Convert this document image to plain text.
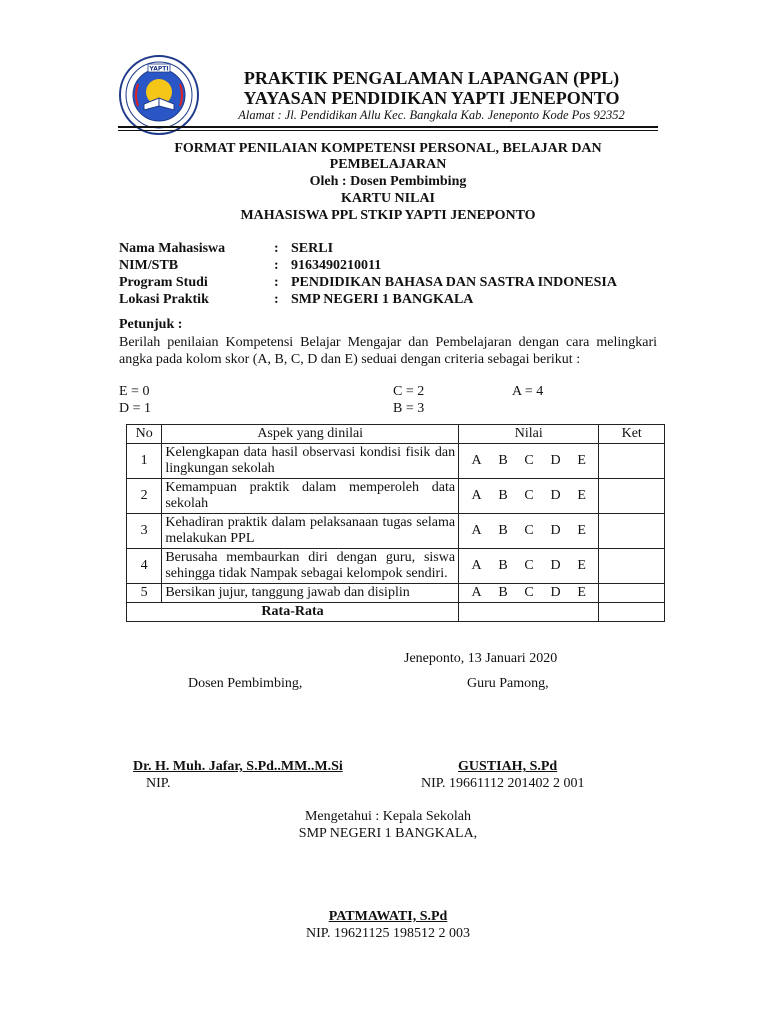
YAPTI	PRAKTIK PENGALAMAN LAPANGAN (PPL)
YAYASAN PENDIDIKAN YAPTI JENEPONTO
Alamat : Jl. Pendidikan Allu Kec. Bangkala Kab. Jeneponto Kode Pos 92352
FORMAT PENILAIAN KOMPETENSI PERSONAL, BELAJAR DAN
PEMBELAJARAN
Oleh : Dosen Pembimbing
KARTU NILAI
MAHASISWA PPL STKIP YAPTI JENEPONTO
Nama Mahasiswa	: SERLI
NIM/STB	: 9163490210011
Program Studi	: PENDIDIKAN BAHASA DAN SASTRA INDONESIA
Lokasi Praktik	: SMP NEGERI 1 BANGKALA
Petunjuk :
Berilah penilaian Kompetensi Belajar Mengajar dan Pembelajaran dengan cara melingkari angka pada kolom skor (A, B, C, D dan E) seduai dengan criteria sebagai berikut :
E = 0	C = 2	A = 4
D = 1	B = 3
No	Aspek yang dinilai	Nilai	Ket
1	Kelengkapan data hasil observasi kondisi fisik dan lingkungan sekolah	A B C D E	

2	Kemampuan praktik dalam memperoleh data sekolah	A B C D E	

3	Kehadiran praktik dalam pelaksanaan tugas selama melakukan PPL	A B C D E	

4	Berusaha membaurkan diri dengan guru, siswa sehingga tidak Nampak sebagai kelompok sendiri.	A B C D E	

5	Bersikan jujur, tanggung jawab dan disiplin	A B C D E	

Rata-Rata			
Jeneponto, 13 Januari 2020
Dosen Pembimbing,	Guru Pamong,
Dr. H. Muh. Jafar, S.Pd..MM..M.Si
NIP.
GUSTIAH, S.Pd
NIP. 19661112 201402 2 001
Mengetahui : Kepala Sekolah
SMP NEGERI 1 BANGKALA,
PATMAWATI, S.Pd
NIP. 19621125 198512 2 003
